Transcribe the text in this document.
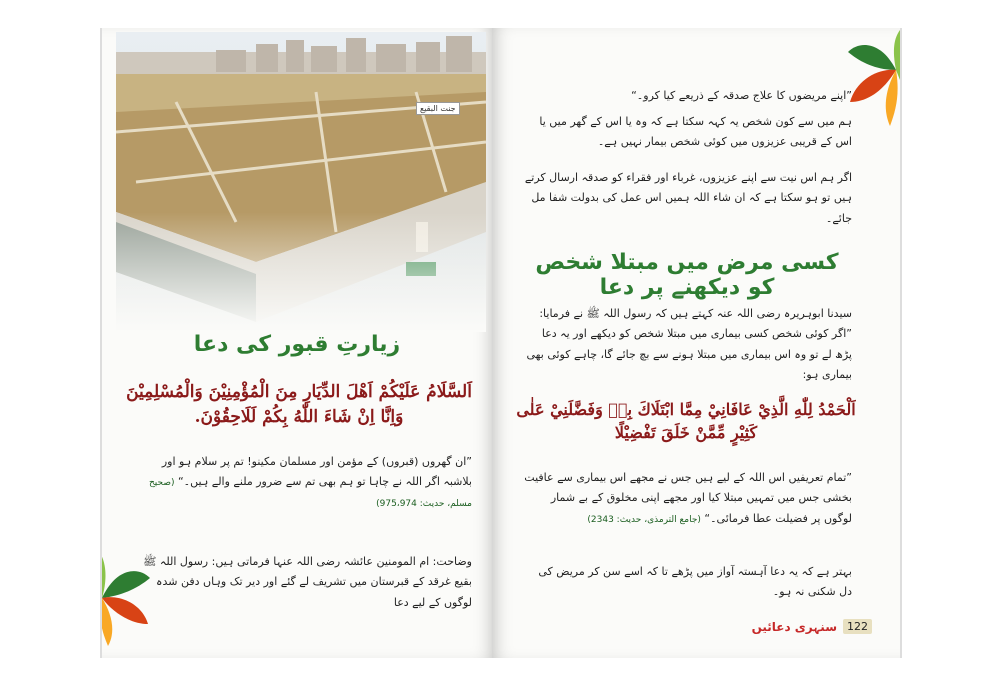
جنت البقیع
زیارتِ قبور کی دعا
اَلسَّلَامُ عَلَيْكُمْ اَهْلَ الدِّيَارِ مِنَ الْمُؤْمِنِيْنَ وَالْمُسْلِمِيْنَ وَاِنَّا اِنْ شَاءَ اللّٰهُ بِكُمْ لَلَاحِقُوْنَ.
”ان گھروں (قبروں) کے مؤمن اور مسلمان مکینو! تم پر سلام ہو اور بلاشبہ اگر اللہ نے چاہا تو ہم بھی تم سے ضرور ملنے والے ہیں۔“ (صحیح مسلم، حدیث: 975،974)
وضاحت: ام المومنین عائشہ رضی اللہ عنہا فرماتی ہیں: رسول اللہ ﷺ بقیع غرقد کے قبرستان میں تشریف لے گئے اور دیر تک وہاں دفن شدہ لوگوں کے لیے دعا
”اپنے مریضوں کا علاج صدقہ کے ذریعے کیا کرو۔“
ہم میں سے کون شخص یہ کہہ سکتا ہے کہ وہ یا اس کے گھر میں یا اس کے قریبی عزیزوں میں کوئی شخص بیمار نہیں ہے۔
اگر ہم اس نیت سے اپنے عزیزوں، غرباء اور فقراء کو صدقہ ارسال کرتے ہیں تو ہو سکتا ہے کہ ان شاء اللہ ہمیں اس عمل کی بدولت شفا مل جائے۔
کسی مرض میں مبتلا شخص کو دیکھنے پر دعا
سیدنا ابوہریرہ رضی اللہ عنہ کہتے ہیں کہ رسول اللہ ﷺ نے فرمایا: ”اگر کوئی شخص کسی بیماری میں مبتلا شخص کو دیکھے اور یہ دعا پڑھ لے تو وہ اس بیماری میں مبتلا ہونے سے بچ جائے گا، چاہے کوئی بھی بیماری ہو:
اَلْحَمْدُ لِلّٰهِ الَّذِيْ عَافَانِيْ مِمَّا ابْتَلَاكَ بِهٖ وَفَضَّلَنِيْ عَلٰى كَثِيْرٍ مِّمَّنْ خَلَقَ تَفْضِيْلًا
”تمام تعریفیں اس اللہ کے لیے ہیں جس نے مجھے اس بیماری سے عافیت بخشی جس میں تمہیں مبتلا کیا اور مجھے اپنی مخلوق کے بے شمار لوگوں پر فضیلت عطا فرمائی۔“ (جامع الترمذی، حدیث: 2343)
بہتر ہے کہ یہ دعا آہستہ آواز میں پڑھے تا کہ اسے سن کر مریض کی دل شکنی نہ ہو۔
سنہری دعائیں 122
